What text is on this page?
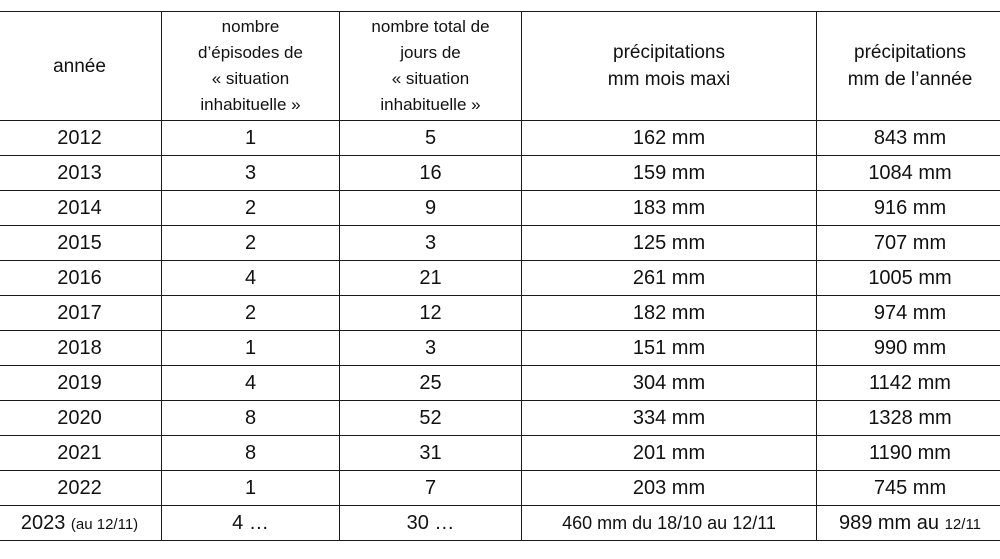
année	nombre
d’épisodes de
« situation
inhabituelle »	nombre total de
jours de
« situation
inhabituelle »	précipitations
mm mois maxi	précipitations
mm de l’année

2012	1	5	162 mm	843 mm
2013	3	16	159 mm	1084 mm
2014	2	9	183 mm	916 mm
2015	2	3	125 mm	707 mm
2016	4	21	261 mm	1005 mm
2017	2	12	182 mm	974 mm
2018	1	3	151 mm	990 mm
2019	4	25	304 mm	1142 mm
2020	8	52	334 mm	1328 mm
2021	8	31	201 mm	1190 mm
2022	1	7	203 mm	745 mm
2023 (au 12/11)	4 …	30 …	460 mm du 18/10 au 12/11	989 mm au 12/11
